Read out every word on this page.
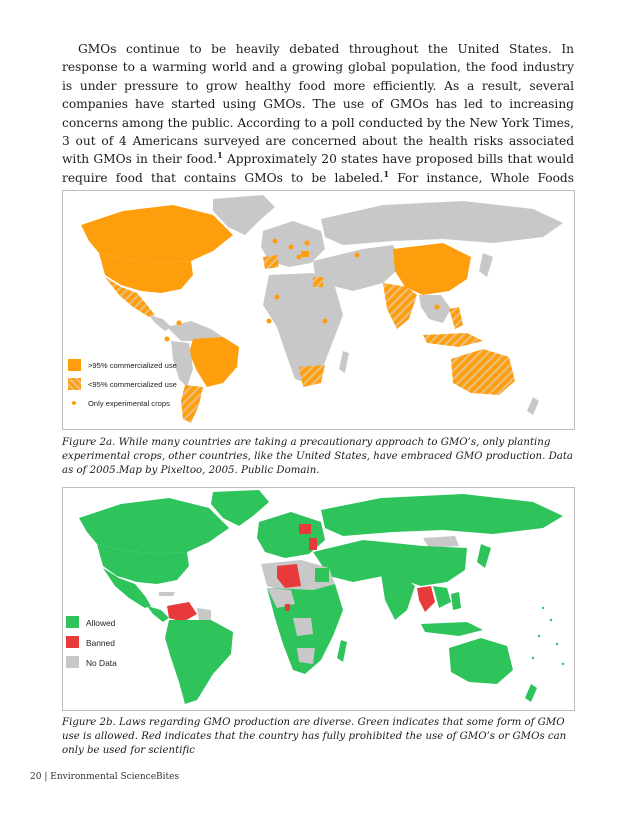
GMOs continue to be heavily debated throughout the United States. In response to a warming world and a growing global population, the food industry is under pressure to grow healthy food more efficiently. As a result, several companies have started using GMOs. The use of GMOs has led to increasing concerns among the public. According to a poll conducted by the New York Times, 3 out of 4 Americans surveyed are concerned about the health risks associated with GMOs in their food.$^1$ Approximately 20 states have proposed bills that would require food that contains GMOs to be labeled.$^1$ For instance, Whole Foods

>95% commercialized use
<95% commercialized use
Only experimental crops

Figure 2a. While many countries are taking a precautionary approach to GMO’s, only planting experimental crops, other countries, like the United States, have embraced GMO production. Data as of 2005.Map by Pixeltoo, 2005. Public Domain.

Allowed
Banned
No Data

Figure 2b. Laws regarding GMO production are diverse. Green indicates that some form of GMO use is allowed. Red indicates that the country has fully prohibited the use of GMO’s or GMOs can only be used for scientific

20 | Environmental ScienceBites
